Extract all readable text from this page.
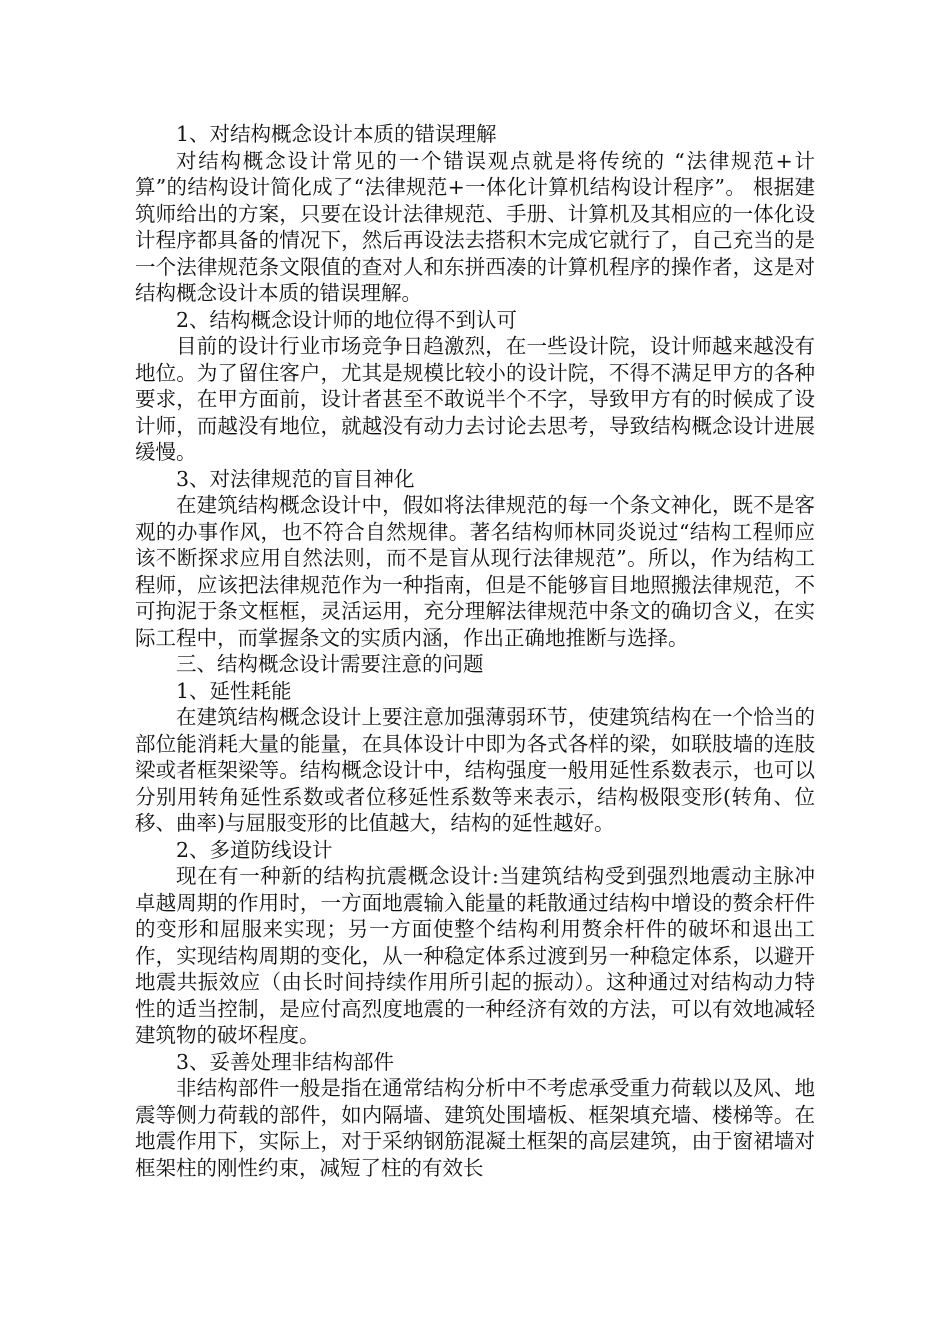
1、对结构概念设计本质的错误理解

对结构概念设计常见的一个错误观点就是将传统的 “法律规范+计算”的结构设计简化成了“法律规范+一体化计算机结构设计程序”。 根据建筑师给出的方案，只要在设计法律规范、手册、计算机及其相应的一体化设计程序都具备的情况下，然后再设法去搭积木完成它就行了，自己充当的是一个法律规范条文限值的查对人和东拼西凑的计算机程序的操作者，这是对结构概念设计本质的错误理解。

2、结构概念设计师的地位得不到认可

目前的设计行业市场竞争日趋激烈，在一些设计院，设计师越来越没有地位。为了留住客户，尤其是规模比较小的设计院，不得不满足甲方的各种要求，在甲方面前，设计者甚至不敢说半个不字，导致甲方有的时候成了设计师，而越没有地位，就越没有动力去讨论去思考，导致结构概念设计进展缓慢。

3、对法律规范的盲目神化

在建筑结构概念设计中，假如将法律规范的每一个条文神化，既不是客观的办事作风，也不符合自然规律。著名结构师林同炎说过“结构工程师应该不断探求应用自然法则，而不是盲从现行法律规范”。所以，作为结构工程师，应该把法律规范作为一种指南，但是不能够盲目地照搬法律规范，不可拘泥于条文框框，灵活运用，充分理解法律规范中条文的确切含义，在实际工程中，而掌握条文的实质内涵，作出正确地推断与选择。

三、结构概念设计需要注意的问题

1、延性耗能

在建筑结构概念设计上要注意加强薄弱环节，使建筑结构在一个恰当的部位能消耗大量的能量，在具体设计中即为各式各样的梁，如联肢墙的连肢梁或者框架梁等。结构概念设计中，结构强度一般用延性系数表示，也可以分别用转角延性系数或者位移延性系数等来表示，结构极限变形(转角、位移、曲率)与屈服变形的比值越大，结构的延性越好。

2、多道防线设计

现在有一种新的结构抗震概念设计:当建筑结构受到强烈地震动主脉冲卓越周期的作用时，一方面地震输入能量的耗散通过结构中增设的赘余杆件的变形和屈服来实现；另一方面使整个结构利用赘余杆件的破坏和退出工作，实现结构周期的变化，从一种稳定体系过渡到另一种稳定体系，以避开地震共振效应（由长时间持续作用所引起的振动）。这种通过对结构动力特性的适当控制，是应付高烈度地震的一种经济有效的方法，可以有效地减轻建筑物的破坏程度。

3、妥善处理非结构部件

非结构部件一般是指在通常结构分析中不考虑承受重力荷载以及风、地震等侧力荷载的部件，如内隔墙、建筑处围墙板、框架填充墙、楼梯等。在地震作用下，实际上，对于采纳钢筋混凝土框架的高层建筑，由于窗裙墙对框架柱的刚性约束，减短了柱的有效长
